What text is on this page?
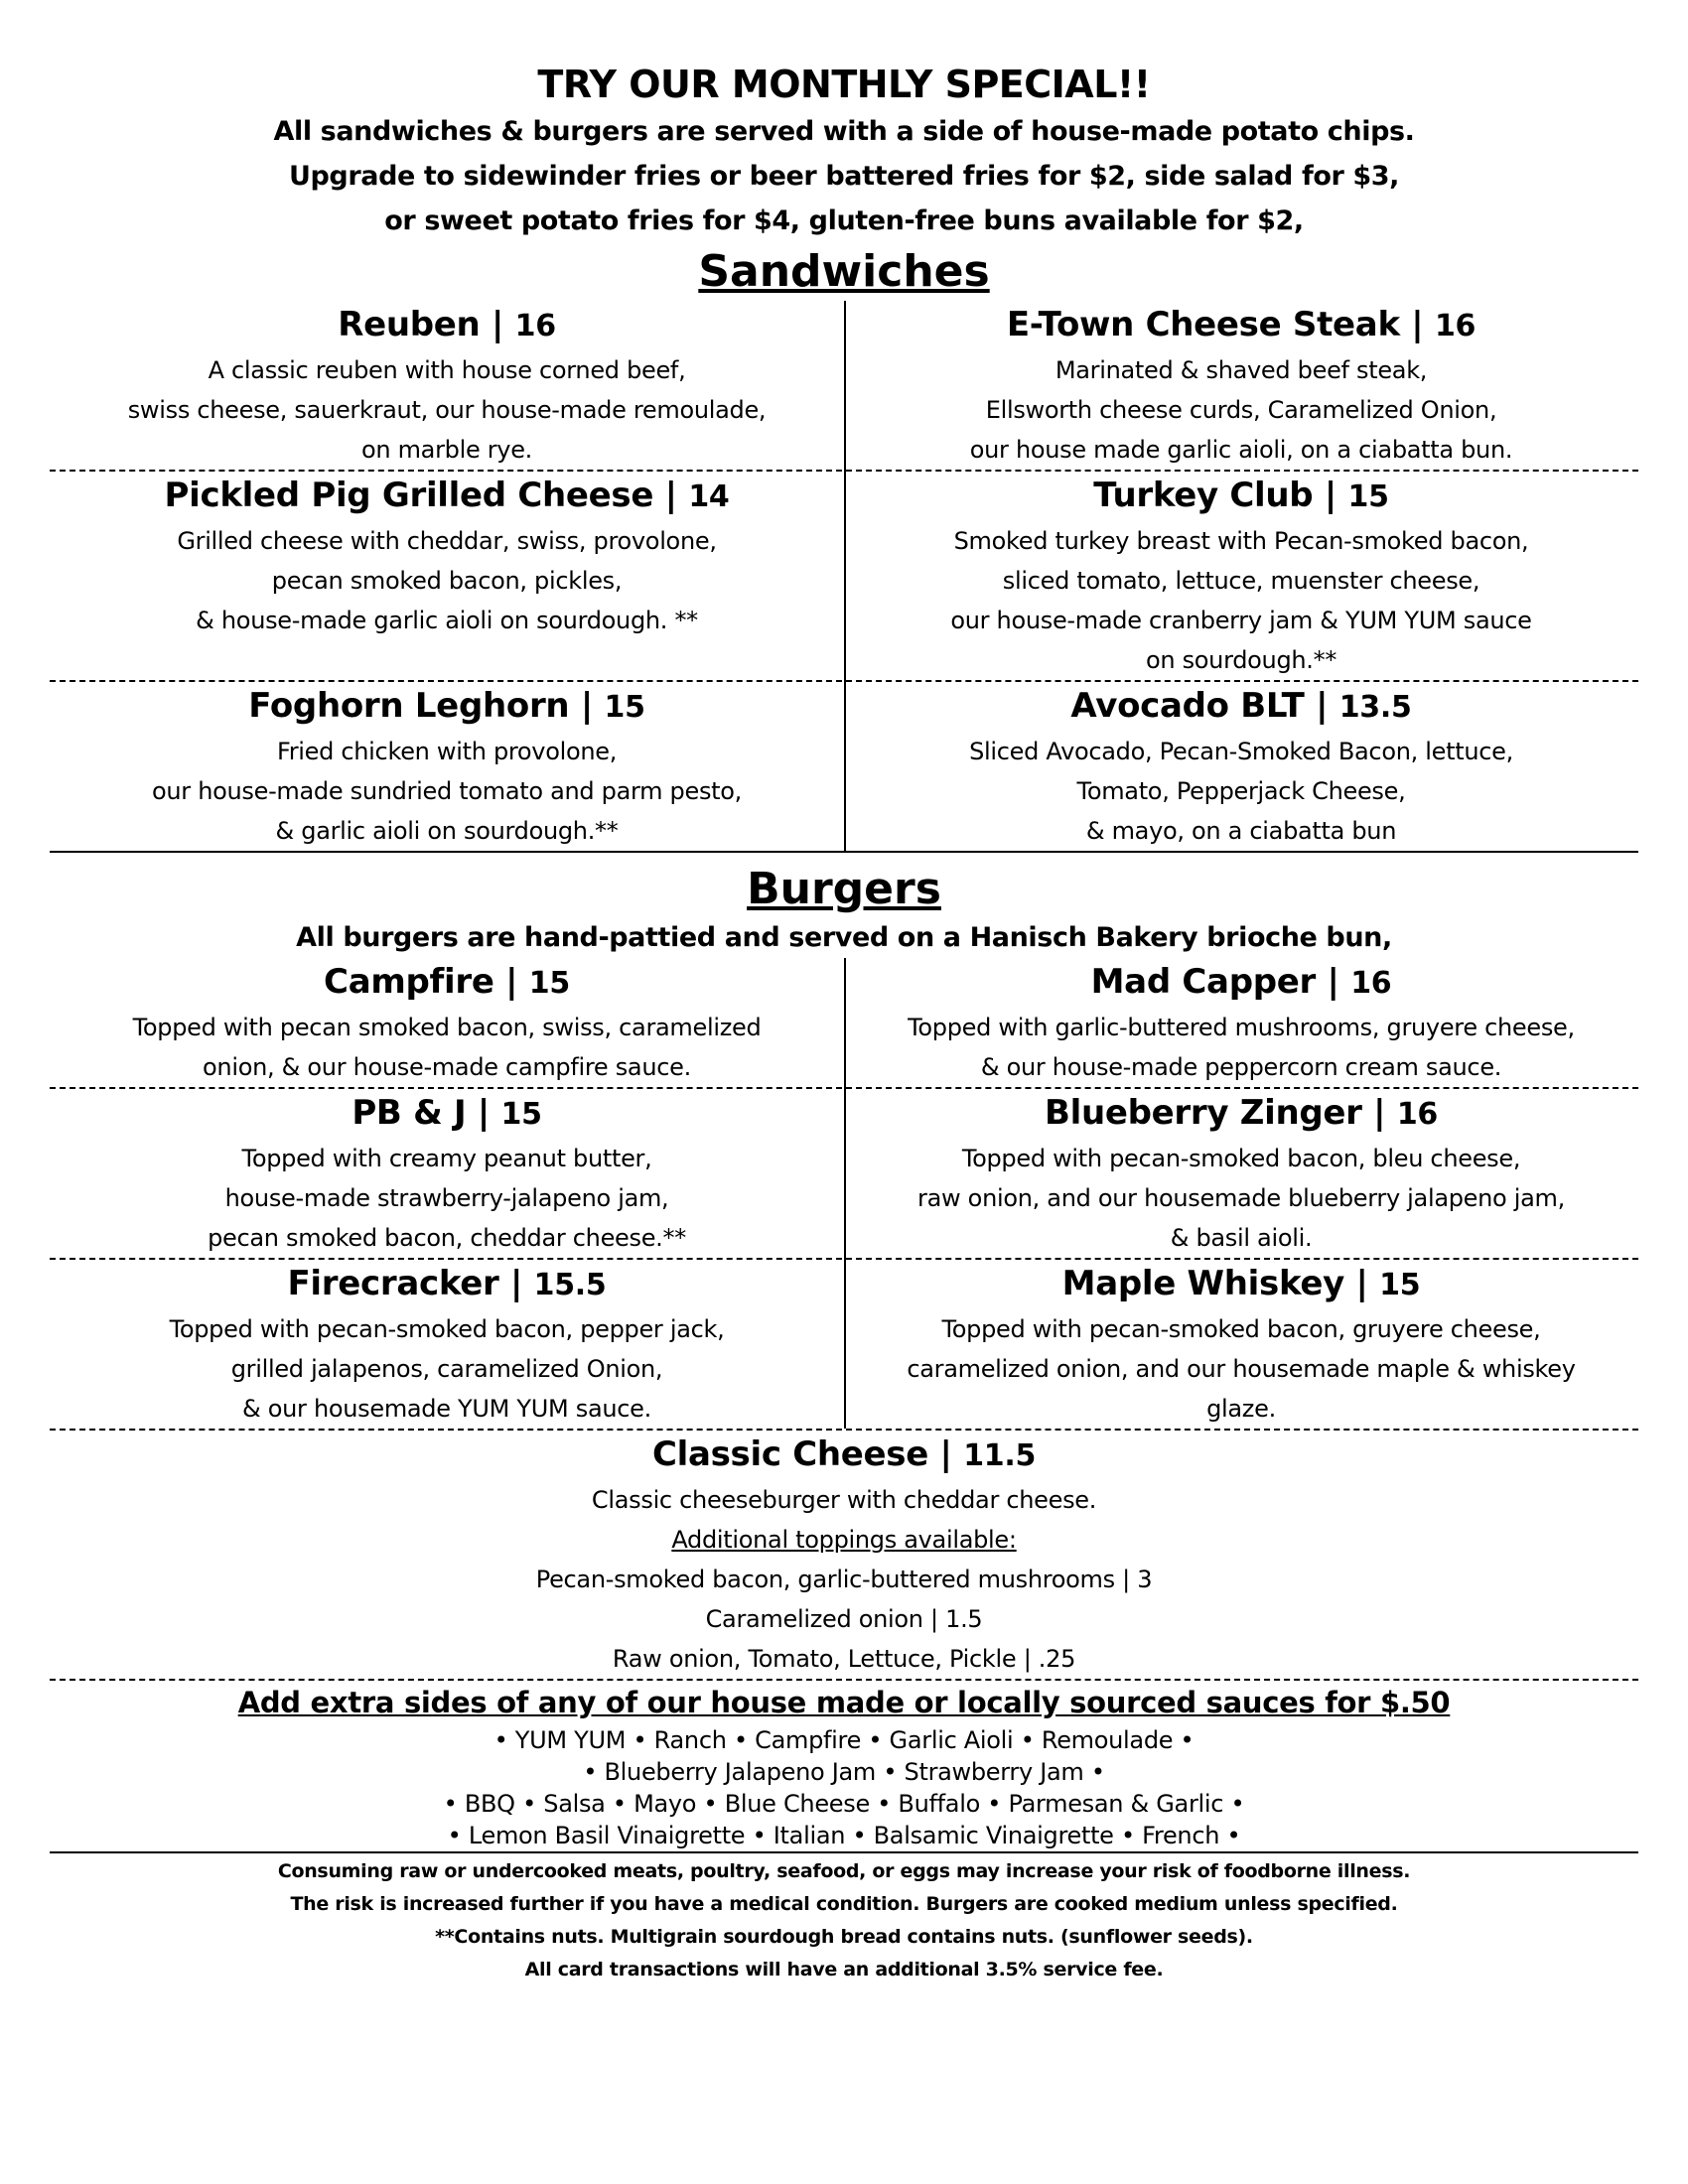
TRY OUR MONTHLY SPECIAL!!
All sandwiches & burgers are served with a side of house-made potato chips.
Upgrade to sidewinder fries or beer battered fries for $2, side salad for $3,
or sweet potato fries for $4, gluten-free buns available for $2,
Sandwiches
Reuben | 16
A classic reuben with house corned beef,
swiss cheese, sauerkraut, our house-made remoulade,
on marble rye.
E-Town Cheese Steak | 16
Marinated & shaved beef steak,
Ellsworth cheese curds, Caramelized Onion,
our house made garlic aioli, on a ciabatta bun.
Pickled Pig Grilled Cheese | 14
Grilled cheese with cheddar, swiss, provolone,
pecan smoked bacon, pickles,
& house-made garlic aioli on sourdough. **
Turkey Club | 15
Smoked turkey breast with Pecan-smoked bacon,
sliced tomato, lettuce, muenster cheese,
our house-made cranberry jam & YUM YUM sauce
on sourdough.**
Foghorn Leghorn | 15
Fried chicken with provolone,
our house-made sundried tomato and parm pesto,
& garlic aioli on sourdough.**
Avocado BLT | 13.5
Sliced Avocado, Pecan-Smoked Bacon, lettuce,
Tomato, Pepperjack Cheese,
& mayo, on a ciabatta bun
Burgers
All burgers are hand-pattied and served on a Hanisch Bakery brioche bun,
Campfire | 15
Topped with pecan smoked bacon, swiss, caramelized
onion, & our house-made campfire sauce.
Mad Capper | 16
Topped with garlic-buttered mushrooms, gruyere cheese,
& our house-made peppercorn cream sauce.
PB & J | 15
Topped with creamy peanut butter,
house-made strawberry-jalapeno jam,
pecan smoked bacon, cheddar cheese.**
Blueberry Zinger | 16
Topped with pecan-smoked bacon, bleu cheese,
raw onion, and our housemade blueberry jalapeno jam,
& basil aioli.
Firecracker | 15.5
Topped with pecan-smoked bacon, pepper jack,
grilled jalapenos, caramelized Onion,
& our housemade YUM YUM sauce.
Maple Whiskey | 15
Topped with pecan-smoked bacon, gruyere cheese,
caramelized onion, and our housemade maple & whiskey
glaze.
Classic Cheese | 11.5
Classic cheeseburger with cheddar cheese.
Additional toppings available:
Pecan-smoked bacon, garlic-buttered mushrooms | 3
Caramelized onion | 1.5
Raw onion, Tomato, Lettuce, Pickle | .25
Add extra sides of any of our house made or locally sourced sauces for $.50
• YUM YUM • Ranch • Campfire • Garlic Aioli • Remoulade •
• Blueberry Jalapeno Jam • Strawberry Jam •
• BBQ • Salsa • Mayo • Blue Cheese • Buffalo • Parmesan & Garlic •
• Lemon Basil Vinaigrette • Italian • Balsamic Vinaigrette • French •
Consuming raw or undercooked meats, poultry, seafood, or eggs may increase your risk of foodborne illness.
The risk is increased further if you have a medical condition. Burgers are cooked medium unless specified.
**Contains nuts. Multigrain sourdough bread contains nuts. (sunflower seeds).
All card transactions will have an additional 3.5% service fee.
